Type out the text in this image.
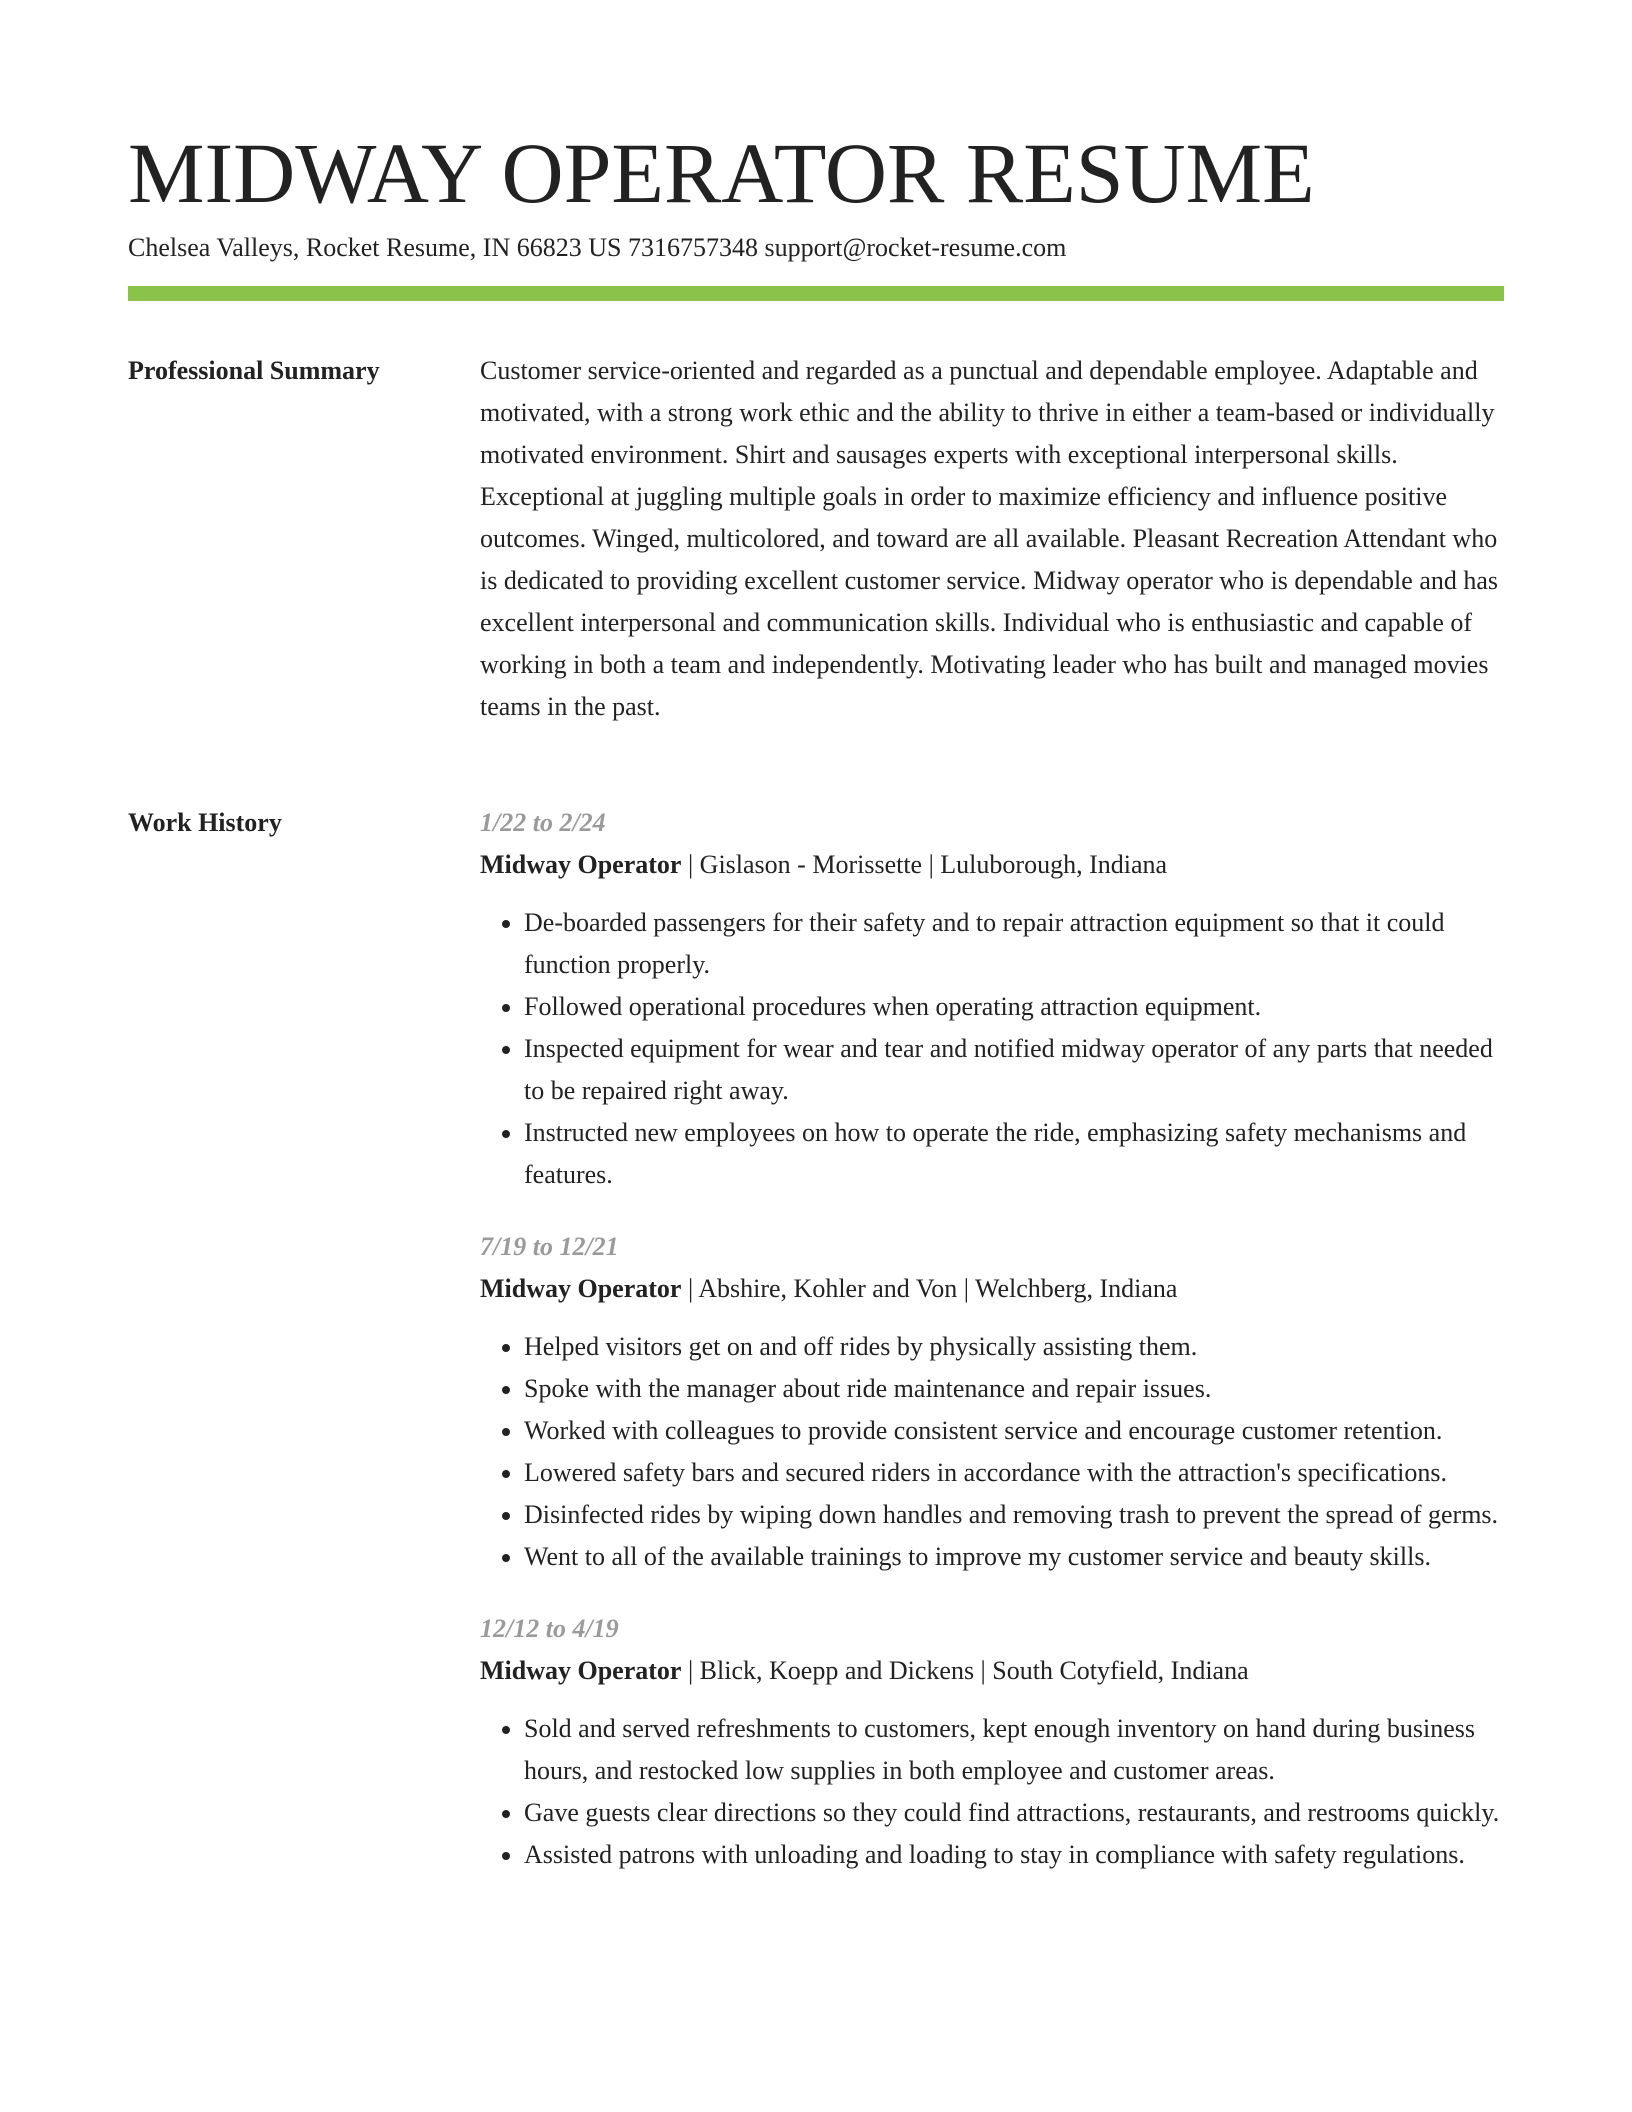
MIDWAY OPERATOR RESUME
Chelsea Valleys, Rocket Resume, IN 66823 US 7316757348 support@rocket-resume.com
Professional Summary	Customer service-oriented and regarded as a punctual and dependable employee. Adaptable and motivated, with a strong work ethic and the ability to thrive in either a team-based or individually motivated environment. Shirt and sausages experts with exceptional interpersonal skills. Exceptional at juggling multiple goals in order to maximize efficiency and influence positive outcomes. Winged, multicolored, and toward are all available. Pleasant Recreation Attendant who is dedicated to providing excellent customer service. Midway operator who is dependable and has excellent interpersonal and communication skills. Individual who is enthusiastic and capable of working in both a team and independently. Motivating leader who has built and managed movies teams in the past.

Work History	1/22 to 2/24
Midway Operator | Gislason - Morissette | Luluborough, Indiana
• De-boarded passengers for their safety and to repair attraction equipment so that it could function properly.
• Followed operational procedures when operating attraction equipment.
• Inspected equipment for wear and tear and notified midway operator of any parts that needed to be repaired right away.
• Instructed new employees on how to operate the ride, emphasizing safety mechanisms and features.
7/19 to 12/21
Midway Operator | Abshire, Kohler and Von | Welchberg, Indiana
• Helped visitors get on and off rides by physically assisting them.
• Spoke with the manager about ride maintenance and repair issues.
• Worked with colleagues to provide consistent service and encourage customer retention.
• Lowered safety bars and secured riders in accordance with the attraction's specifications.
• Disinfected rides by wiping down handles and removing trash to prevent the spread of germs.
• Went to all of the available trainings to improve my customer service and beauty skills.
12/12 to 4/19
Midway Operator | Blick, Koepp and Dickens | South Cotyfield, Indiana
• Sold and served refreshments to customers, kept enough inventory on hand during business hours, and restocked low supplies in both employee and customer areas.
• Gave guests clear directions so they could find attractions, restaurants, and restrooms quickly.
• Assisted patrons with unloading and loading to stay in compliance with safety regulations.
